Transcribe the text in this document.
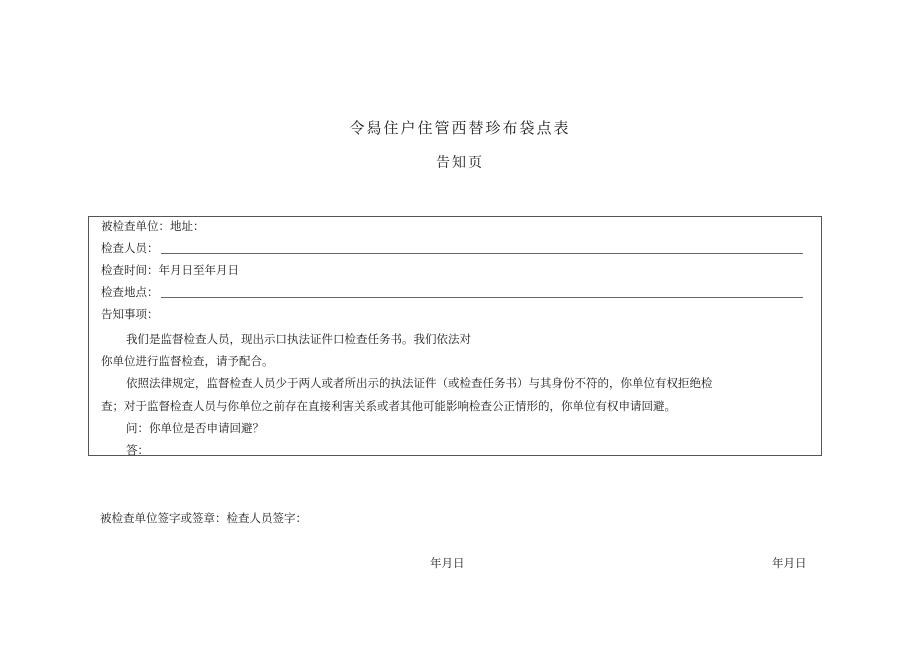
令舄住户住管西替珍布袋点表
告知页
被检查单位：地址：
检查人员：
检查时间：年月日至年月日
检查地点：
告知事项：
我们是监督检查人员，现出示口执法证件口检查任务书。我们依法对
你单位进行监督检查，请予配合。
依照法律规定，监督检查人员少于两人或者所出示的执法证件（或检查任务书）与其身份不符的，你单位有权拒绝检
查；对于监督检查人员与你单位之前存在直接利害关系或者其他可能影响检查公正情形的，你单位有权申请回避。
问：你单位是否申请回避？
答：
被检查单位签字或签章：检查人员签字：
年月日	年月日
